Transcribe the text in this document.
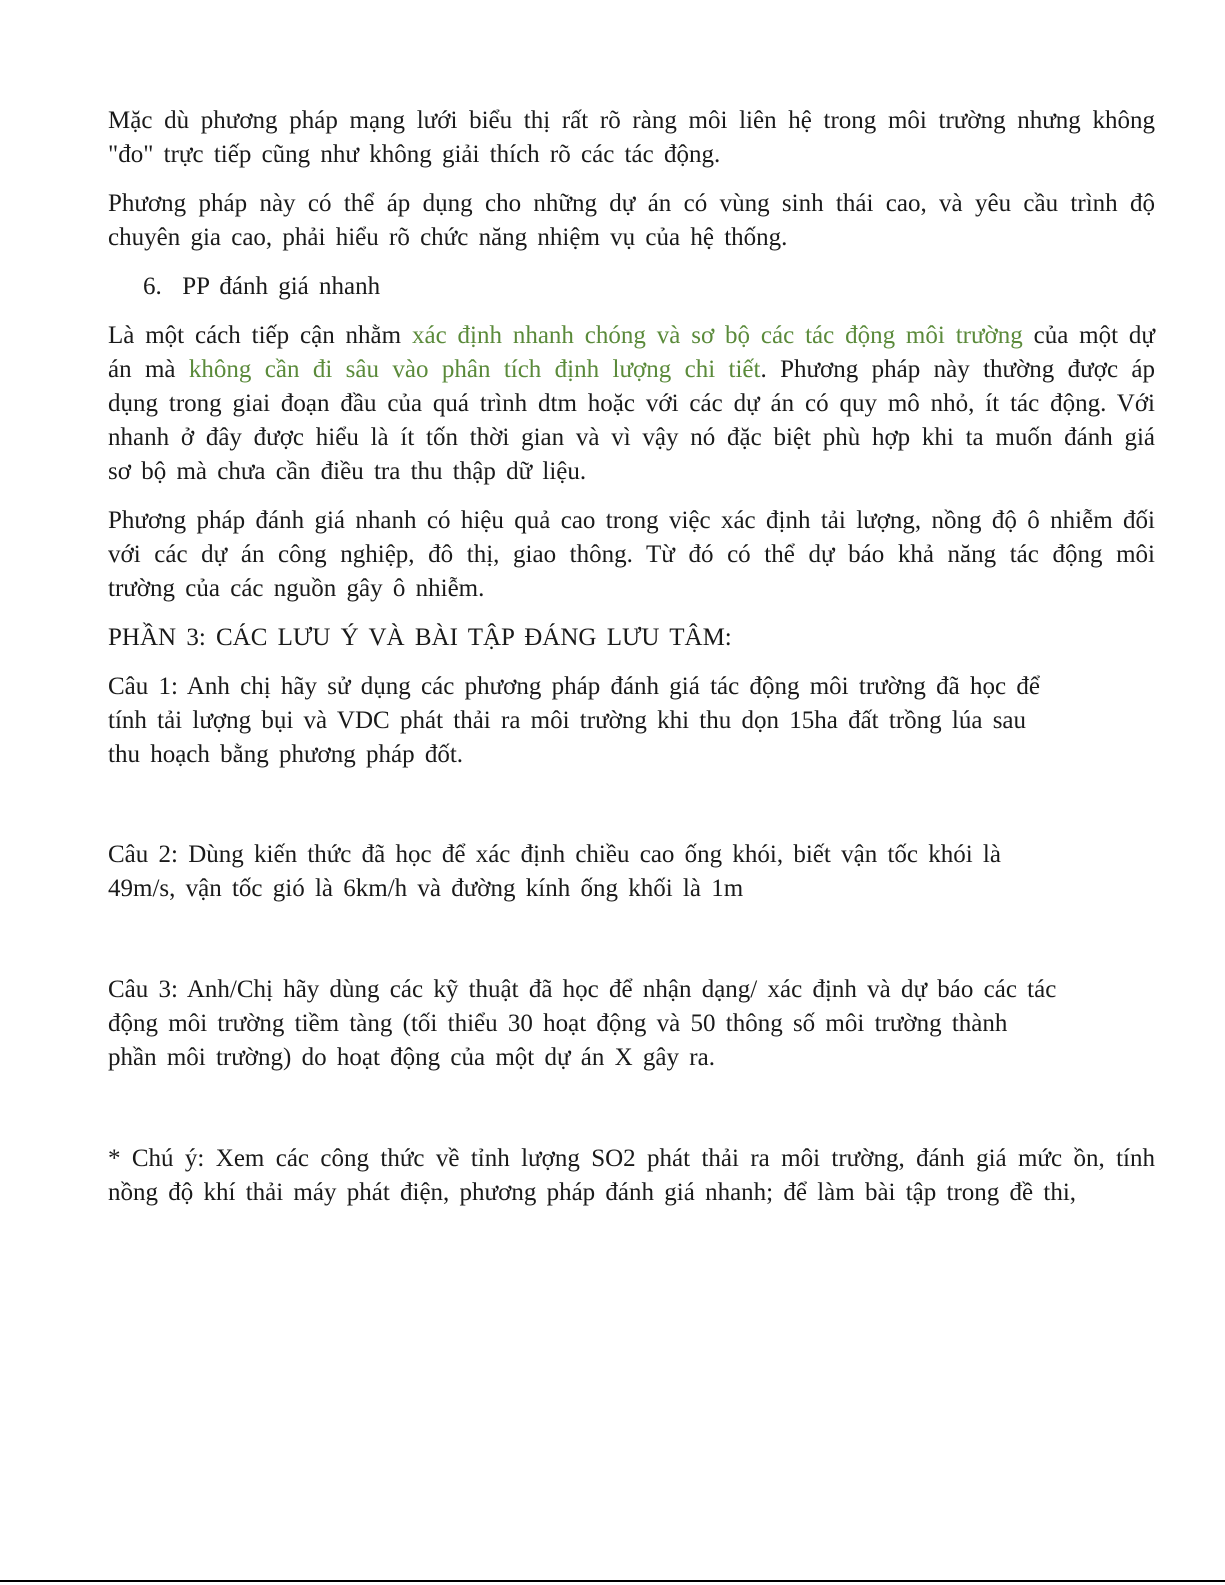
Mặc dù phương pháp mạng lưới biểu thị rất rõ ràng môi liên hệ trong môi trường nhưng không "đo" trực tiếp cũng như không giải thích rõ các tác động.

Phương pháp này có thể áp dụng cho những dự án có vùng sinh thái cao, và yêu cầu trình độ chuyên gia cao, phải hiểu rõ chức năng nhiệm vụ của hệ thống.

6. PP đánh giá nhanh

Là một cách tiếp cận nhằm xác định nhanh chóng và sơ bộ các tác động môi trường của một dự án mà không cần đi sâu vào phân tích định lượng chi tiết. Phương pháp này thường được áp dụng trong giai đoạn đầu của quá trình dtm hoặc với các dự án có quy mô nhỏ, ít tác động. Với nhanh ở đây được hiểu là ít tốn thời gian và vì vậy nó đặc biệt phù hợp khi ta muốn đánh giá sơ bộ mà chưa cần điều tra thu thập dữ liệu.

Phương pháp đánh giá nhanh có hiệu quả cao trong việc xác định tải lượng, nồng độ ô nhiễm đối với các dự án công nghiệp, đô thị, giao thông. Từ đó có thể dự báo khả năng tác động môi trường của các nguồn gây ô nhiễm.

PHẦN 3: CÁC LƯU Ý VÀ BÀI TẬP ĐÁNG LƯU TÂM:

Câu 1: Anh chị hãy sử dụng các phương pháp đánh giá tác động môi trường đã học để

tính tải lượng bụi và VDC phát thải ra môi trường khi thu dọn 15ha đất trồng lúa sau

thu hoạch bằng phương pháp đốt.

Câu 2: Dùng kiến thức đã học để xác định chiều cao ống khói, biết vận tốc khói là

49m/s, vận tốc gió là 6km/h và đường kính ống khối là 1m

Câu 3: Anh/Chị hãy dùng các kỹ thuật đã học để nhận dạng/ xác định và dự báo các tác

động môi trường tiềm tàng (tối thiểu 30 hoạt động và 50 thông số môi trường thành

phần môi trường) do hoạt động của một dự án X gây ra.

* Chú ý: Xem các công thức về tỉnh lượng SO2 phát thải ra môi trường, đánh giá mức ồn, tính nồng độ khí thải máy phát điện, phương pháp đánh giá nhanh; để làm bài tập trong đề thi,
